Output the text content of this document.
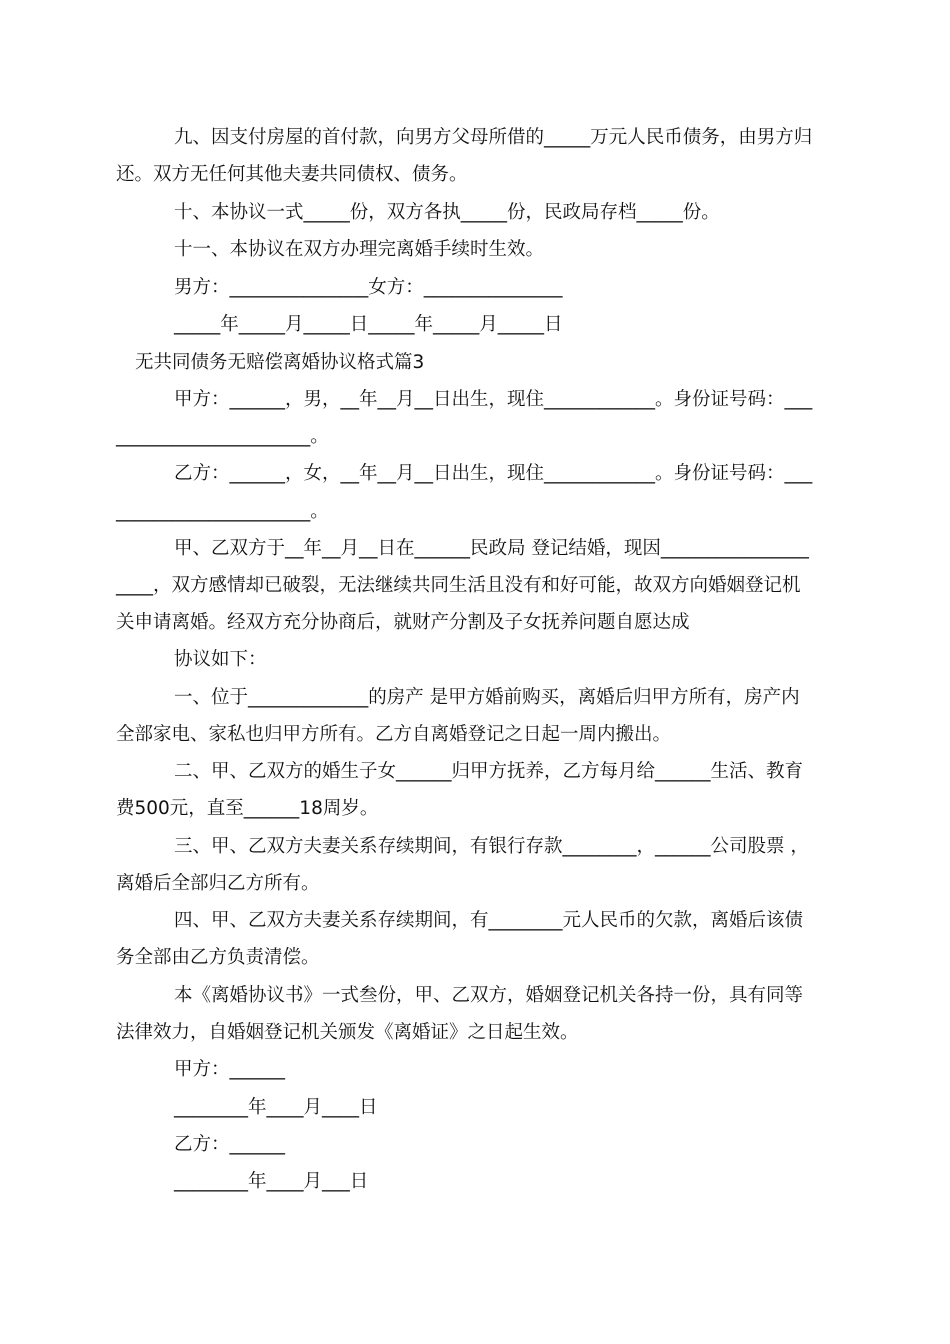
九、因支付房屋的首付款，向男方父母所借的_____万元人民币债务，由男方归

还。双方无任何其他夫妻共同债权、债务。

十、本协议一式_____份，双方各执_____份，民政局存档_____份。

十一、本协议在双方办理完离婚手续时生效。

男方：_______________女方：_______________

_____年_____月_____日_____年_____月_____日

无共同债务无赔偿离婚协议格式篇3

甲方：______，男，__年__月__日出生，现住____________。身份证号码：___

_____________________。

乙方：______，女，__年__月__日出生，现住____________。身份证号码：___

_____________________。

甲、乙双方于__年__月__日在______民政局 登记结婚，现因________________

____，双方感情却已破裂，无法继续共同生活且没有和好可能，故双方向婚姻登记机

关申请离婚。经双方充分协商后，就财产分割及子女抚养问题自愿达成

协议如下：

一、位于_____________的房产 是甲方婚前购买，离婚后归甲方所有，房产内

全部家电、家私也归甲方所有。乙方自离婚登记之日起一周内搬出。

二、甲、乙双方的婚生子女______归甲方抚养，乙方每月给______生活、教育

费500元，直至______18周岁。

三、甲、乙双方夫妻关系存续期间，有银行存款________，______公司股票 ，

离婚后全部归乙方所有。

四、甲、乙双方夫妻关系存续期间，有________元人民币的欠款，离婚后该债

务全部由乙方负责清偿。

本《离婚协议书》一式叁份，甲、乙双方，婚姻登记机关各持一份，具有同等

法律效力，自婚姻登记机关颁发《离婚证》之日起生效。

甲方：______

________年____月____日

乙方：______

________年____月___日
